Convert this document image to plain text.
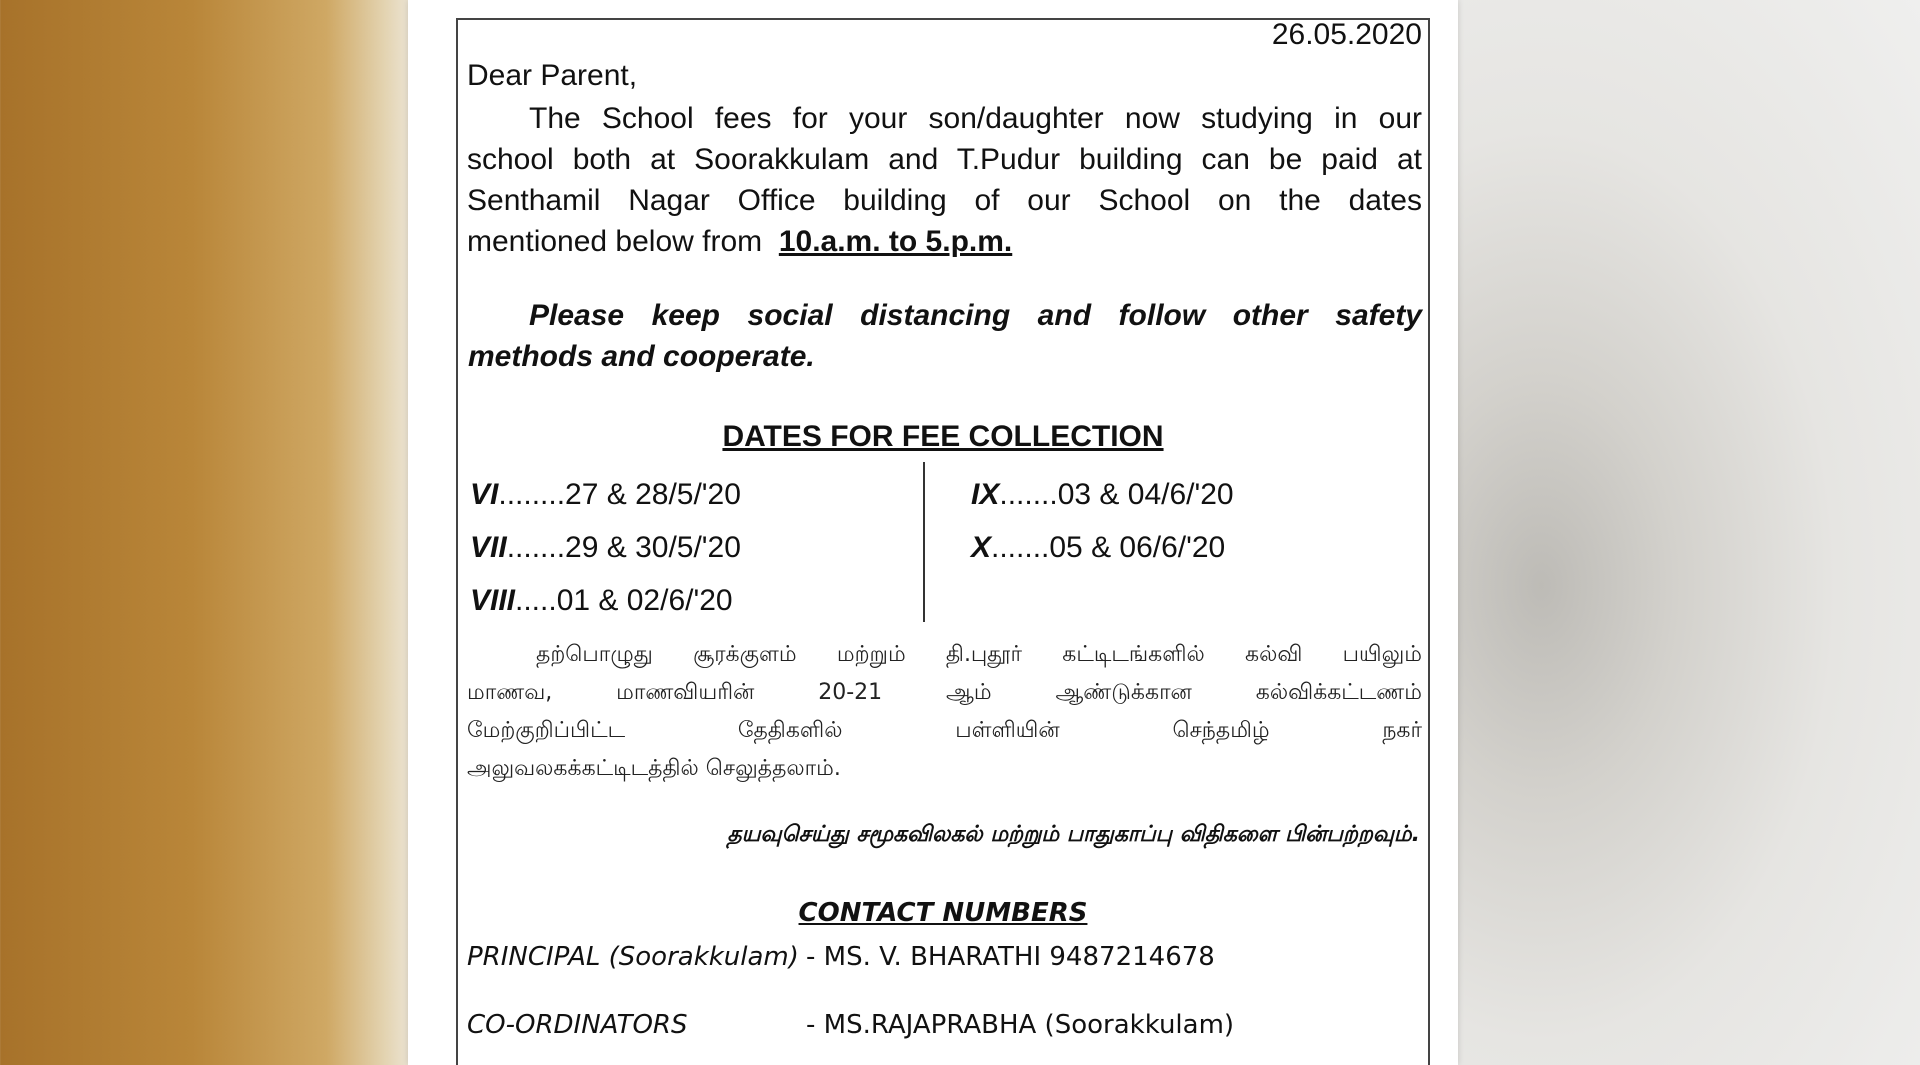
26.05.2020
Dear Parent,
The School fees for your son/daughter now studying in our
school both at Soorakkulam and T.Pudur building can be paid at
Senthamil Nagar Office building of our School on the dates
mentioned below from 10.a.m. to 5.p.m.
Please keep social distancing and follow other safety
methods and cooperate.
DATES FOR FEE COLLECTION
VI........27 & 28/5/'20
VII.......29 & 30/5/'20
VIII.....01 & 02/6/'20
IX.......03 & 04/6/'20
X.......05 & 06/6/'20
தற்பொழுது சூரக்குளம் மற்றும் தி.புதூர் கட்டிடங்களில் கல்வி பயிலும்
மாணவ, மாணவியரின் 20-21 ஆம் ஆண்டுக்கான கல்விக்கட்டணம்
மேற்குறிப்பிட்ட தேதிகளில் பள்ளியின் செந்தமிழ் நகர்
அலுவலகக்கட்டிடத்தில் செலுத்தலாம்.
தயவுசெய்து சமூகவிலகல் மற்றும் பாதுகாப்பு விதிகளை பின்பற்றவும்.
CONTACT NUMBERS
PRINCIPAL (Soorakkulam) - MS. V. BHARATHI 9487214678
CO-ORDINATORS	- MS.RAJAPRABHA (Soorakkulam)
